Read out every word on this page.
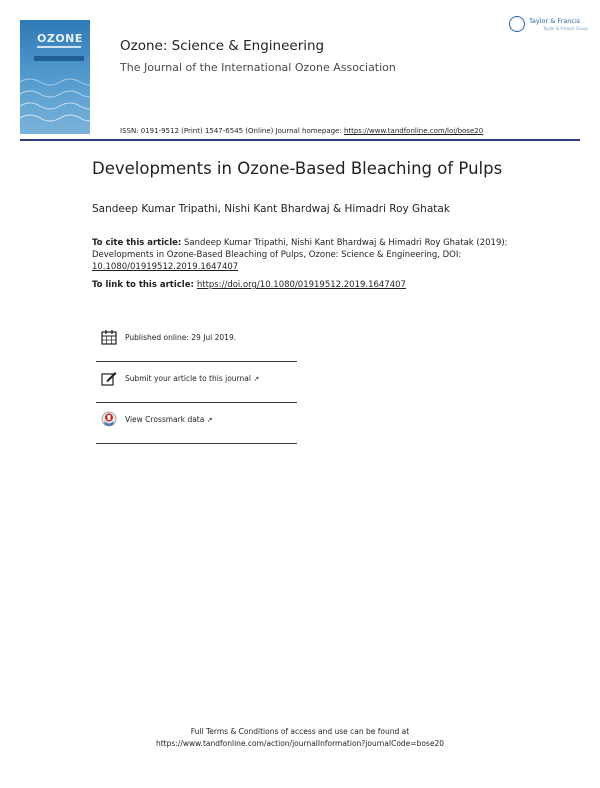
OZONE	Ozone: Science & Engineering
The Journal of the International Ozone Association
ISSN: 0191-9512 (Print) 1547-6545 (Online) Journal homepage: https://www.tandfonline.com/loi/bose20
Taylor & Francis
Taylor & Francis Group
Developments in Ozone-Based Bleaching of Pulps
Sandeep Kumar Tripathi, Nishi Kant Bhardwaj & Himadri Roy Ghatak
To cite this article: Sandeep Kumar Tripathi, Nishi Kant Bhardwaj & Himadri Roy Ghatak (2019): Developments in Ozone-Based Bleaching of Pulps, Ozone: Science & Engineering, DOI: 10.1080/01919512.2019.1647407
To link to this article: https://doi.org/10.1080/01919512.2019.1647407
Published online: 29 Jul 2019.
Submit your article to this journal ↗
View Crossmark data ↗
Full Terms & Conditions of access and use can be found at
https://www.tandfonline.com/action/journalInformation?journalCode=bose20
